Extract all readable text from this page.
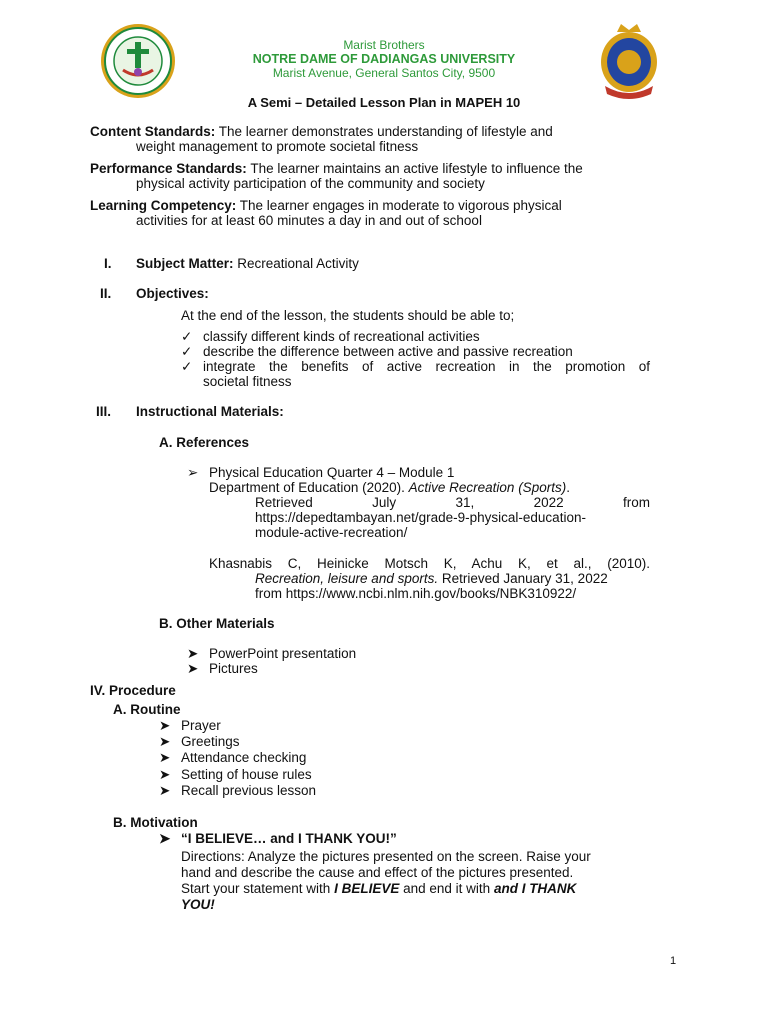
Marist Brothers
NOTRE DAME OF DADIANGAS UNIVERSITY
Marist Avenue, General Santos City, 9500
A Semi – Detailed Lesson Plan in MAPEH 10
Content Standards: The learner demonstrates understanding of lifestyle and
weight management to promote societal fitness
Performance Standards: The learner maintains an active lifestyle to influence the
physical activity participation of the community and society
Learning Competency: The learner engages in moderate to vigorous physical
activities for at least 60 minutes a day in and out of school
I. Subject Matter: Recreational Activity
II. Objectives:
At the end of the lesson, the students should be able to;
✓ classify different kinds of recreational activities
✓ describe the difference between active and passive recreation
✓ integrate the benefits of active recreation in the promotion of
societal fitness
III. Instructional Materials:
A. References
➢ Physical Education Quarter 4 – Module 1
Department of Education (2020). Active Recreation (Sports).
Retrieved	July	31,	2022	from
https://depedtambayan.net/grade-9-physical-education-
module-active-recreation/
Khasnabis C, Heinicke Motsch K, Achu K, et al., (2010).
Recreation, leisure and sports. Retrieved January 31, 2022
from https://www.ncbi.nlm.nih.gov/books/NBK310922/
B. Other Materials
➤ PowerPoint presentation
➤ Pictures
IV. Procedure
A. Routine
➤ Prayer
➤ Greetings
➤ Attendance checking
➤ Setting of house rules
➤ Recall previous lesson
B. Motivation
➤ “I BELIEVE… and I THANK YOU!”
Directions: Analyze the pictures presented on the screen. Raise your
hand and describe the cause and effect of the pictures presented.
Start your statement with I BELIEVE and end it with and I THANK
YOU!
1
